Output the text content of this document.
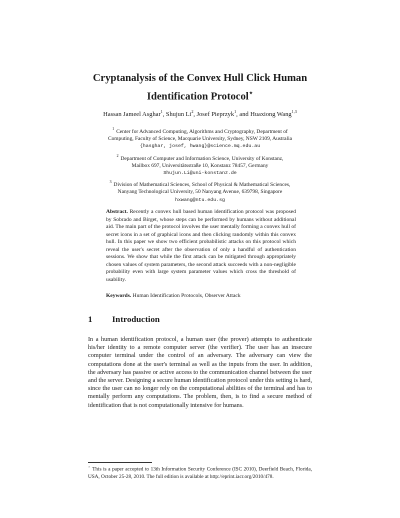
Cryptanalysis of the Convex Hull Click Human
Identification Protocol⋆
Hassan Jameel Asghar$^1$, Shujun Li$^2$, Josef Pieprzyk$^1$, and Huaxiong Wang$^{1,3}$
$^1$ Center for Advanced Computing, Algorithms and Cryptography, Department of
Computing, Faculty of Science, Macquarie University, Sydney, NSW 2109, Australia
{hasghar, josef, hwang}@science.mq.edu.au
$^2$ Department of Computer and Information Science, University of Konstanz,
Mailbox 697, Universitätsstraße 10, Konstanz 78457, Germany
Shujun.Li@uni-konstanz.de
$^3$ Division of Mathematical Sciences, School of Physical & Mathematical Sciences,
Nanyang Technological University, 50 Nanyang Avenue, 639798, Singapore
hxwang@ntu.edu.sg
Abstract. Recently a convex hull based human identification protocol was proposed by Sobrado and Birget, whose steps can be performed by humans without additional aid. The main part of the protocol involves the user mentally forming a convex hull of secret icons in a set of graphical icons and then clicking randomly within this convex hull. In this paper we show two efficient probabilistic attacks on this protocol which reveal the user's secret after the observation of only a handful of authentication sessions. We show that while the first attack can be mitigated through appropriately chosen values of system parameters, the second attack succeeds with a non-negligible probability even with large system parameter values which cross the threshold of usability.
Keywords. Human Identification Protocols, Observer Attack
1 Introduction
In a human identification protocol, a human user (the prover) attempts to authenticate his/her identity to a remote computer server (the verifier). The user has an insecure computer terminal under the control of an adversary. The adversary can view the computations done at the user's terminal as well as the inputs from the user. In addition, the adversary has passive or active access to the communication channel between the user and the server. Designing a secure human identification protocol under this setting is hard, since the user can no longer rely on the computational abilities of the terminal and has to mentally perform any computations. The problem, then, is to find a secure method of identification that is not computationally intensive for humans.
⋆ This is a paper accepted to 13th Information Security Conference (ISC 2010), Deerfield Beach, Florida, USA, October 25-28, 2010. The full edition is available at http://eprint.iacr.org/2010/478.
